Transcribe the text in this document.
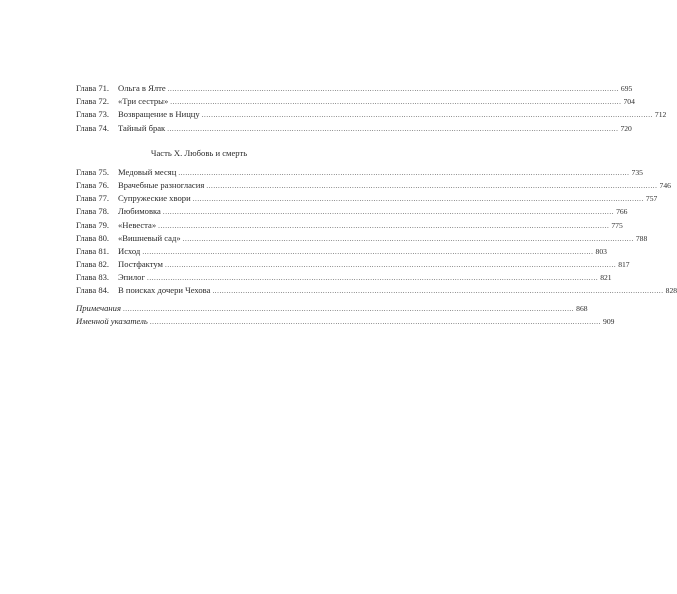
Глава 71.	Ольга в Ялте .....	695
Глава 72.	«Три сестры» .....	704
Глава 73.	Возвращение в Ниццу .....	712
Глава 74.	Тайный брак .....	720
Часть X. Любовь и смерть
Глава 75.	Медовый месяц .....	735
Глава 76.	Врачебные разногласия .....	746
Глава 77.	Супружеские хвори .....	757
Глава 78.	Любимовка .....	766
Глава 79.	«Невеста» .....	775
Глава 80.	«Вишневый сад» .....	788
Глава 81.	Исход .....	803
Глава 82.	Постфактум .....	817
Глава 83.	Эпилог .....	821
Глава 84.	В поисках дочери Чехова .....	828
Примечания .....	868
Именной указатель .....	909
